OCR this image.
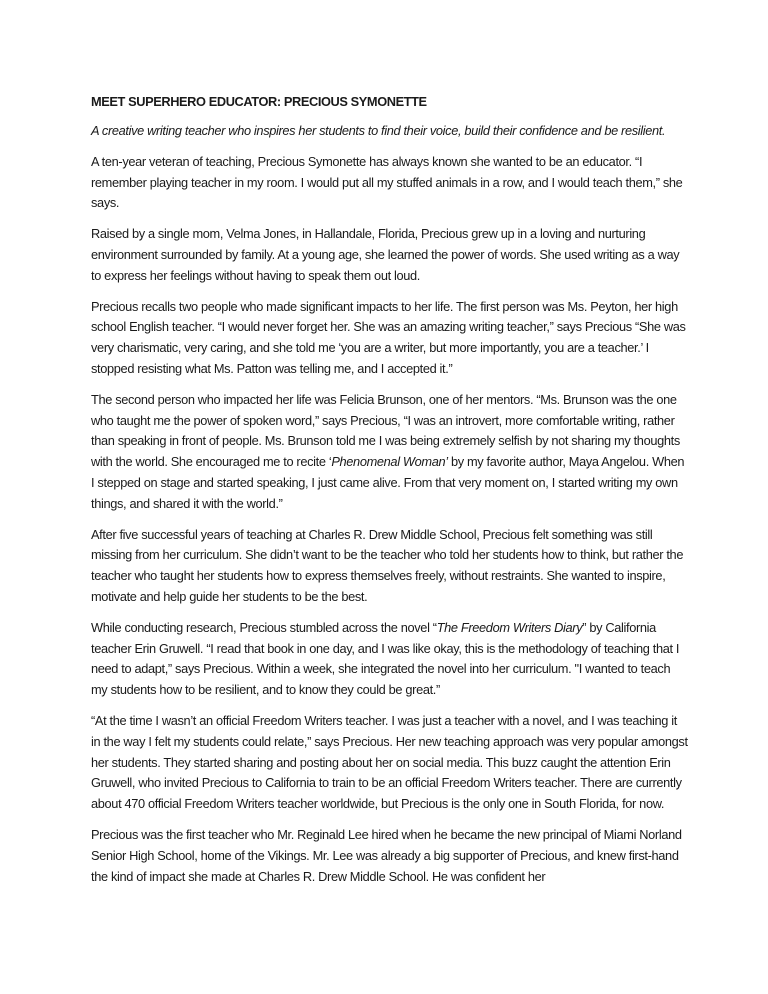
MEET SUPERHERO EDUCATOR: PRECIOUS SYMONETTE

A creative writing teacher who inspires her students to find their voice, build their confidence and be resilient.

A ten-year veteran of teaching, Precious Symonette has always known she wanted to be an educator. “I remember playing teacher in my room. I would put all my stuffed animals in a row, and I would teach them,” she says.

Raised by a single mom, Velma Jones, in Hallandale, Florida, Precious grew up in a loving and nurturing environment surrounded by family. At a young age, she learned the power of words. She used writing as a way to express her feelings without having to speak them out loud.

Precious recalls two people who made significant impacts to her life. The first person was Ms. Peyton, her high school English teacher. “I would never forget her. She was an amazing writing teacher,” says Precious “She was very charismatic, very caring, and she told me ‘you are a writer, but more importantly, you are a teacher.’ I stopped resisting what Ms. Patton was telling me, and I accepted it.”

The second person who impacted her life was Felicia Brunson, one of her mentors. “Ms. Brunson was the one who taught me the power of spoken word,” says Precious, “I was an introvert, more comfortable writing, rather than speaking in front of people. Ms. Brunson told me I was being extremely selfish by not sharing my thoughts with the world. She encouraged me to recite ‘Phenomenal Woman’ by my favorite author, Maya Angelou. When I stepped on stage and started speaking, I just came alive. From that very moment on, I started writing my own things, and shared it with the world.”

After five successful years of teaching at Charles R. Drew Middle School, Precious felt something was still missing from her curriculum. She didn’t want to be the teacher who told her students how to think, but rather the teacher who taught her students how to express themselves freely, without restraints. She wanted to inspire, motivate and help guide her students to be the best.

While conducting research, Precious stumbled across the novel “The Freedom Writers Diary” by California teacher Erin Gruwell. “I read that book in one day, and I was like okay, this is the methodology of teaching that I need to adapt,” says Precious. Within a week, she integrated the novel into her curriculum. "I wanted to teach my students how to be resilient, and to know they could be great.”

“At the time I wasn’t an official Freedom Writers teacher. I was just a teacher with a novel, and I was teaching it in the way I felt my students could relate,” says Precious. Her new teaching approach was very popular amongst her students. They started sharing and posting about her on social media. This buzz caught the attention Erin Gruwell, who invited Precious to California to train to be an official Freedom Writers teacher. There are currently about 470 official Freedom Writers teacher worldwide, but Precious is the only one in South Florida, for now.

Precious was the first teacher who Mr. Reginald Lee hired when he became the new principal of Miami Norland Senior High School, home of the Vikings. Mr. Lee was already a big supporter of Precious, and knew first-hand the kind of impact she made at Charles R. Drew Middle School. He was confident her
